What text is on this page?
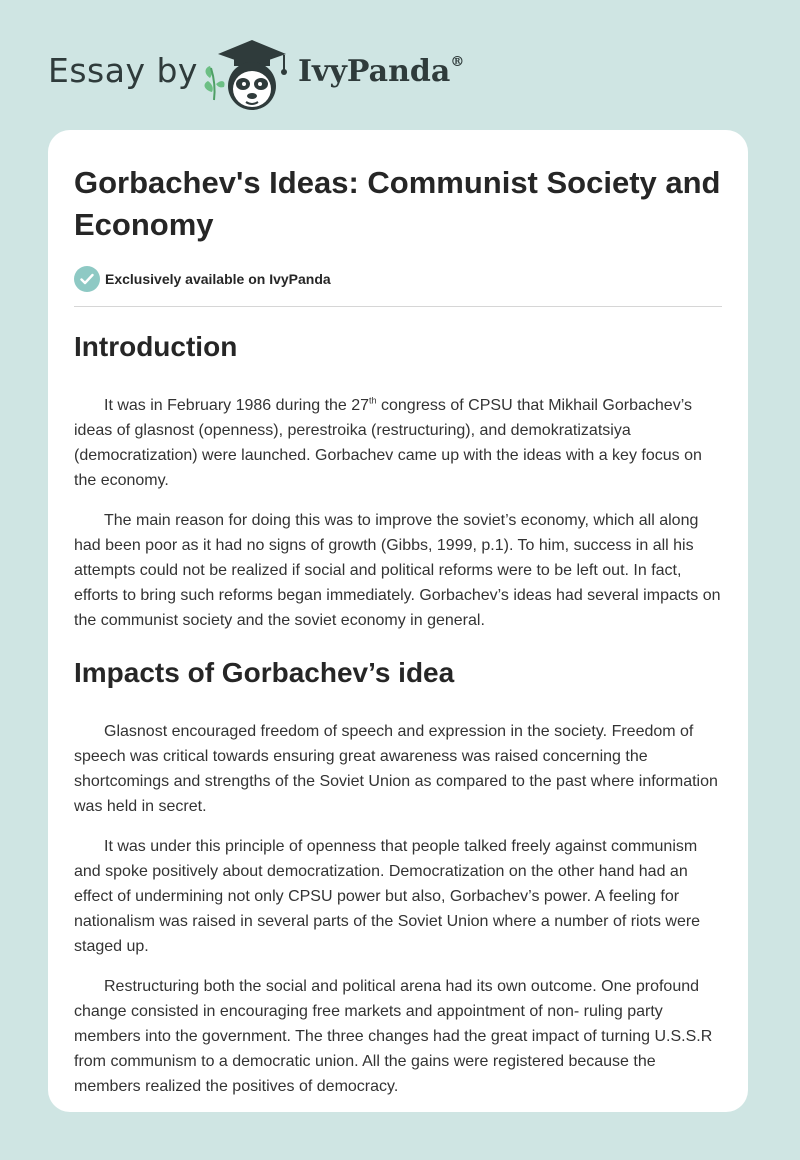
Essay by	IvyPanda®
Gorbachev's Ideas: Communist Society and Economy
Exclusively available on IvyPanda
Introduction

It was in February 1986 during the 27th congress of CPSU that Mikhail Gorbachev’s ideas of glasnost (openness), perestroika (restructuring), and demokratizatsiya (democratization) were launched. Gorbachev came up with the ideas with a key focus on the economy.

The main reason for doing this was to improve the soviet’s economy, which all along had been poor as it had no signs of growth (Gibbs, 1999, p.1). To him, success in all his attempts could not be realized if social and political reforms were to be left out. In fact, efforts to bring such reforms began immediately. Gorbachev’s ideas had several impacts on the communist society and the soviet economy in general.

Impacts of Gorbachev’s idea

Glasnost encouraged freedom of speech and expression in the society. Freedom of speech was critical towards ensuring great awareness was raised concerning the shortcomings and strengths of the Soviet Union as compared to the past where information was held in secret.

It was under this principle of openness that people talked freely against communism and spoke positively about democratization. Democratization on the other hand had an effect of undermining not only CPSU power but also, Gorbachev’s power. A feeling for nationalism was raised in several parts of the Soviet Union where a number of riots were staged up.

Restructuring both the social and political arena had its own outcome. One profound change consisted in encouraging free markets and appointment of non- ruling party members into the government. The three changes had the great impact of turning U.S.S.R from communism to a democratic union. All the gains were registered because the members realized the positives of democracy.
